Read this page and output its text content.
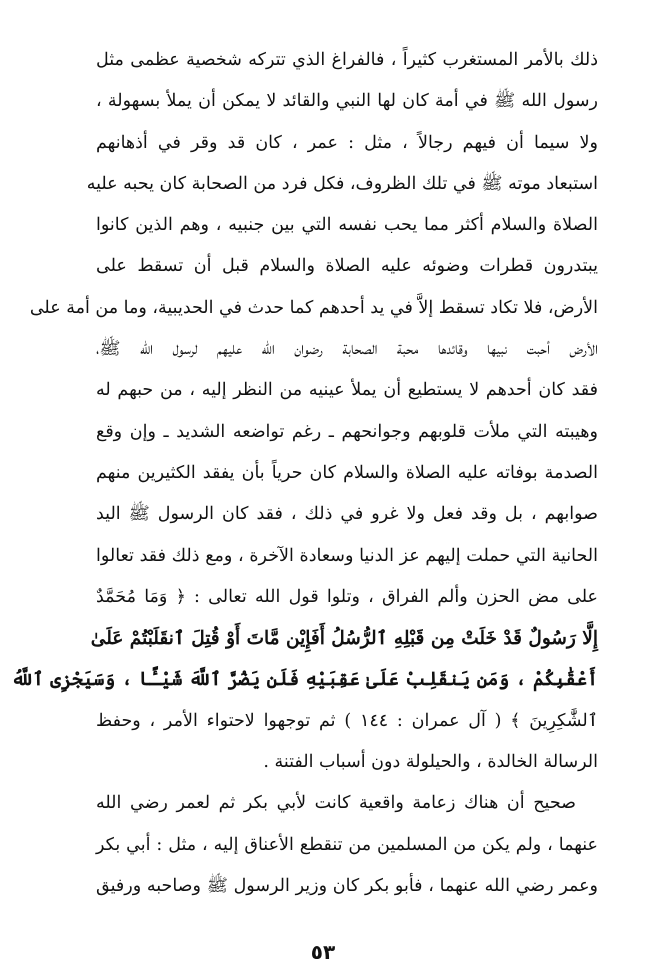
ذلك بالأمر المستغرب كثيراً ، فالفراغ الذي تتركه شخصية عظمى مثل
رسول الله ﷺ في أمة كان لها النبي والقائد لا يمكن أن يملأ بسهولة ،
ولا سيما أن فيهم رجالاً ، مثل : عمر ، كان قد وقر في أذهانهم
استبعاد موته ﷺ في تلك الظروف، فكل فرد من الصحابة كان يحبه عليه
الصلاة والسلام أكثر مما يحب نفسه التي بين جنبيه ، وهم الذين كانوا
يبتدرون قطرات وضوئه عليه الصلاة والسلام قبل أن تسقط على
الأرض، فلا تكاد تسقط إلاَّ في يد أحدهم كما حدث في الحديبية، وما من أمة على
الأرض أحبت نبيها وقائدها محبة الصحابة رضوان الله عليهم لرسول الله ﷺ،
فقد كان أحدهم لا يستطيع أن يملأ عينيه من النظر إليه ، من حبهم له
وهيبته التي ملأت قلوبهم وجوانحهم ـ رغم تواضعه الشديد ـ وإن وقع
الصدمة بوفاته عليه الصلاة والسلام كان حرياً بأن يفقد الكثيرين منهم
صوابهم ، بل وقد فعل ولا غرو في ذلك ، فقد كان الرسول ﷺ اليد
الحانية التي حملت إليهم عز الدنيا وسعادة الآخرة ، ومع ذلك فقد تعالوا
على مض الحزن وألم الفراق ، وتلوا قول الله تعالى : ﴿ وَمَا مُحَمَّدٌ
إِلَّا رَسُولٌ قَدْ خَلَتْ مِن قَبْلِهِ ٱلرُّسُلُ أَفَإِيْن مَّاتَ أَوْ قُتِلَ ٱنقَلَبْتُمْ عَلَىٰ
أَعْقَٰبِكُمْ ، وَمَن يَنقَلِبْ عَلَىٰ عَقِبَيْهِ فَلَن يَضُرَّ ٱللَّهَ شَيْـًٔا ، وَسَيَجْزِى ٱللَّهُ
ٱلشَّٰكِرِينَ ﴾ ( آل عمران : ١٤٤ ) ثم توجهوا لاحتواء الأمر ، وحفظ
الرسالة الخالدة ، والحيلولة دون أسباب الفتنة .
صحيح أن هناك زعامة واقعية كانت لأبي بكر ثم لعمر رضي الله
عنهما ، ولم يكن من المسلمين من تنقطع الأعناق إليه ، مثل : أبي بكر
وعمر رضي الله عنهما ، فأبو بكر كان وزير الرسول ﷺ وصاحبه ورفيق
٥٣
